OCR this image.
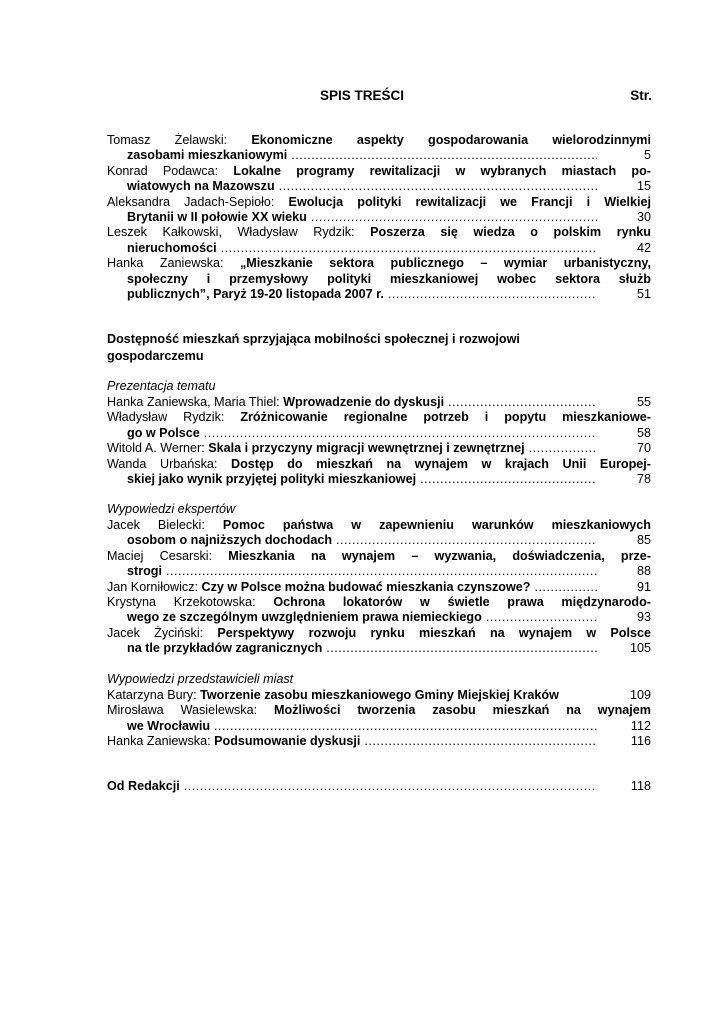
SPIS TREŚCI	Str.
Tomasz Żelawski: Ekonomiczne aspekty gospodarowania wielorodzinnymi
zasobami mieszkaniowymi .....	5
Konrad Podawca: Lokalne programy rewitalizacji w wybranych miastach po-
wiatowych na Mazowszu .....	15
Aleksandra Jadach-Sepioło: Ewolucja polityki rewitalizacji we Francji i Wielkiej
Brytanii w II połowie XX wieku .....	30
Leszek Kałkowski, Władysław Rydzik: Poszerza się wiedza o polskim rynku
nieruchomości .....	42
Hanka Zaniewska: „Mieszkanie sektora publicznego – wymiar urbanistyczny,
społeczny i przemysłowy polityki mieszkaniowej wobec sektora służb
publicznych”, Paryż 19-20 listopada 2007 r. .....	51
Dostępność mieszkań sprzyjająca mobilności społecznej i rozwojowi gospodarczemu
Prezentacja tematu
Hanka Zaniewska, Maria Thiel: Wprowadzenie do dyskusji .....	55
Władysław Rydzik: Zróżnicowanie regionalne potrzeb i popytu mieszkaniowe-
go w Polsce .....	58
Witold A. Werner: Skala i przyczyny migracji wewnętrznej i zewnętrznej .....	70
Wanda Urbańska: Dostęp do mieszkań na wynajem w krajach Unii Europej-
skiej jako wynik przyjętej polityki mieszkaniowej .....	78
Wypowiedzi ekspertów
Jacek Bielecki: Pomoc państwa w zapewnieniu warunków mieszkaniowych
osobom o najniższych dochodach .....	85
Maciej Cesarski: Mieszkania na wynajem – wyzwania, doświadczenia, prze-
strogi .....	88
Jan Korniłowicz: Czy w Polsce można budować mieszkania czynszowe? .....	91
Krystyna Krzekotowska: Ochrona lokatorów w świetle prawa międzynarodo-
wego ze szczególnym uwzględnieniem prawa niemieckiego .....	93
Jacek Życiński: Perspektywy rozwoju rynku mieszkań na wynajem w Polsce
na tle przykładów zagranicznych .....	105
Wypowiedzi przedstawicieli miast
Katarzyna Bury: Tworzenie zasobu mieszkaniowego Gminy Miejskiej Kraków	109
Mirosława Wasielewska: Możliwości tworzenia zasobu mieszkań na wynajem
we Wrocławiu .....	112
Hanka Zaniewska: Podsumowanie dyskusji .....	116
Od Redakcji .....	118
